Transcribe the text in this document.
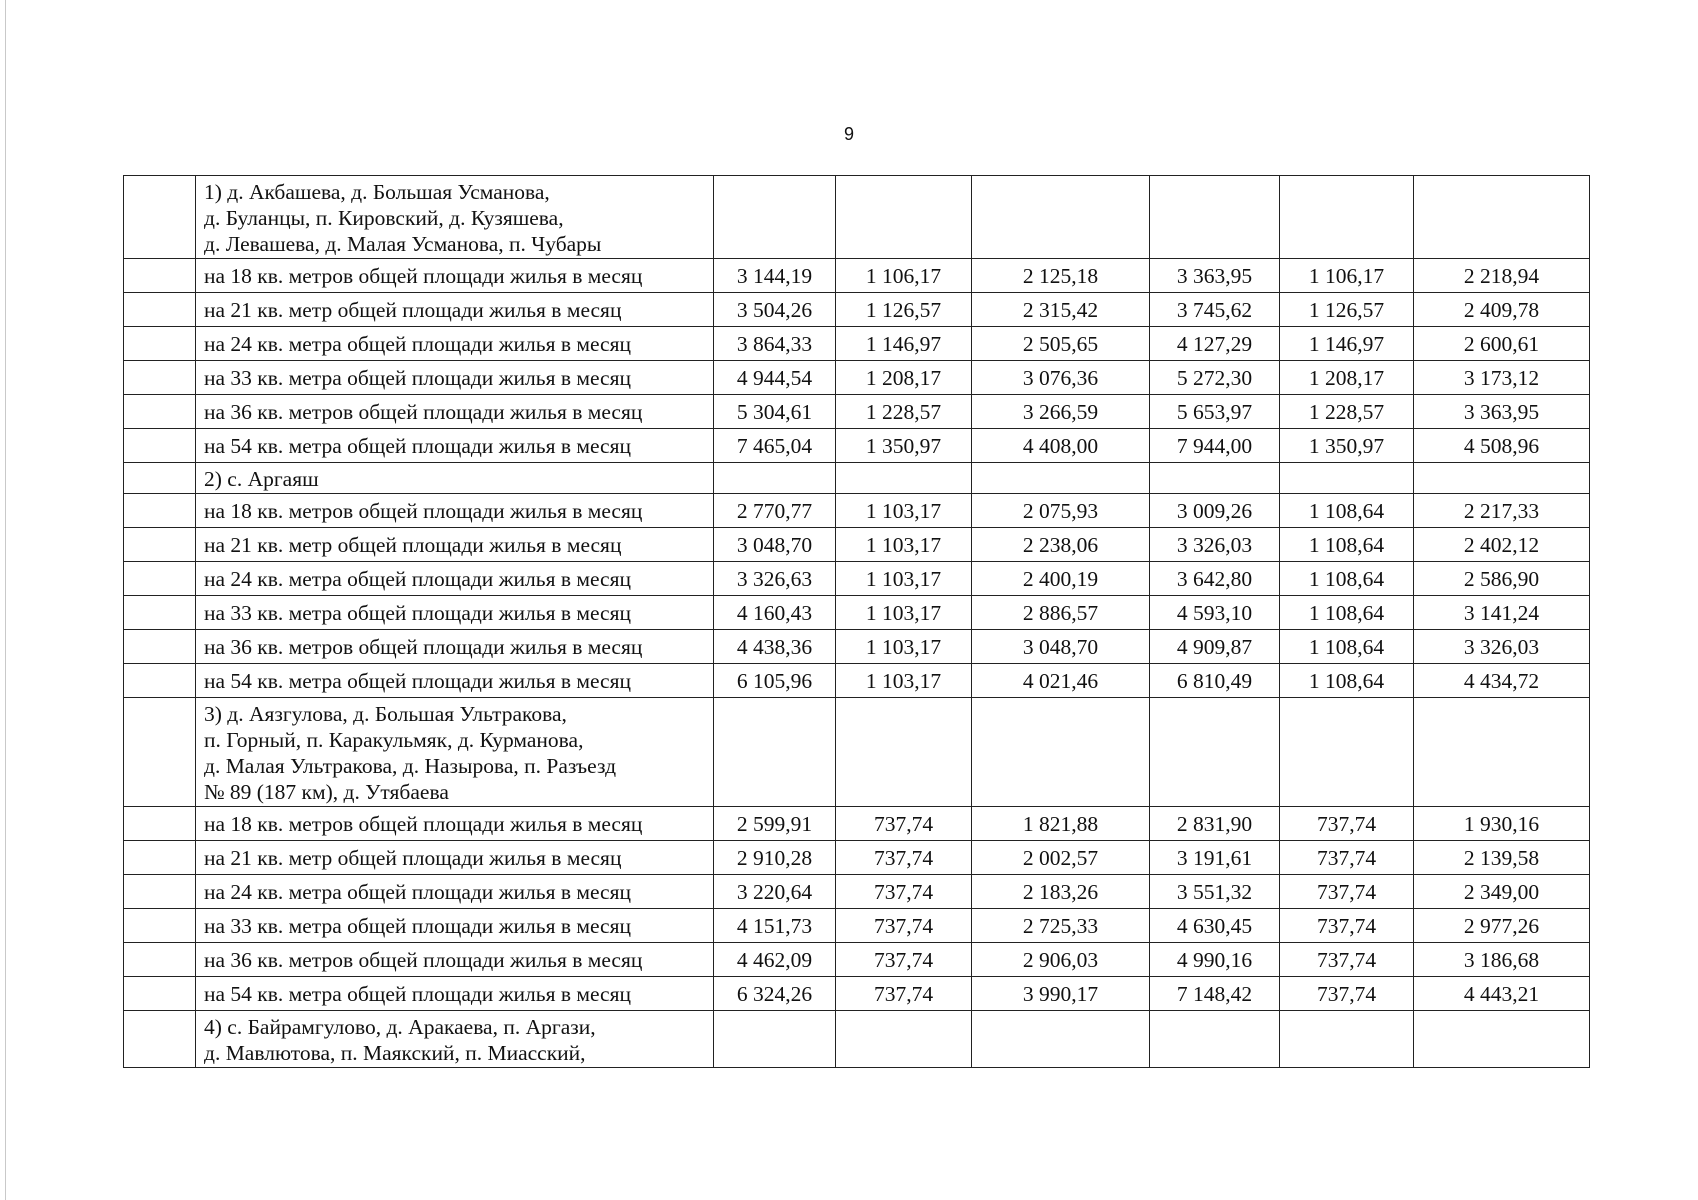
9

	1) д. Акбашева, д. Большая Усманова,
д. Буланцы, п. Кировский, д. Кузяшева,
д. Левашева, д. Малая Усманова, п. Чубары						

	на 18 кв. метров общей площади жилья в месяц	3 144,19	1 106,17	2 125,18	3 363,95	1 106,17	2 218,94
	на 21 кв. метр общей площади жилья в месяц	3 504,26	1 126,57	2 315,42	3 745,62	1 126,57	2 409,78
	на 24 кв. метра общей площади жилья в месяц	3 864,33	1 146,97	2 505,65	4 127,29	1 146,97	2 600,61
	на 33 кв. метра общей площади жилья в месяц	4 944,54	1 208,17	3 076,36	5 272,30	1 208,17	3 173,12
	на 36 кв. метров общей площади жилья в месяц	5 304,61	1 228,57	3 266,59	5 653,97	1 228,57	3 363,95
	на 54 кв. метра общей площади жилья в месяц	7 465,04	1 350,97	4 408,00	7 944,00	1 350,97	4 508,96

	2) с. Аргаяш						

	на 18 кв. метров общей площади жилья в месяц	2 770,77	1 103,17	2 075,93	3 009,26	1 108,64	2 217,33
	на 21 кв. метр общей площади жилья в месяц	3 048,70	1 103,17	2 238,06	3 326,03	1 108,64	2 402,12
	на 24 кв. метра общей площади жилья в месяц	3 326,63	1 103,17	2 400,19	3 642,80	1 108,64	2 586,90
	на 33 кв. метра общей площади жилья в месяц	4 160,43	1 103,17	2 886,57	4 593,10	1 108,64	3 141,24
	на 36 кв. метров общей площади жилья в месяц	4 438,36	1 103,17	3 048,70	4 909,87	1 108,64	3 326,03
	на 54 кв. метра общей площади жилья в месяц	6 105,96	1 103,17	4 021,46	6 810,49	1 108,64	4 434,72

	3) д. Аязгулова, д. Большая Ультракова,
п. Горный, п. Каракульмяк, д. Курманова,
д. Малая Ультракова, д. Назырова, п. Разъезд
№ 89 (187 км), д. Утябаева						

	на 18 кв. метров общей площади жилья в месяц	2 599,91	737,74	1 821,88	2 831,90	737,74	1 930,16
	на 21 кв. метр общей площади жилья в месяц	2 910,28	737,74	2 002,57	3 191,61	737,74	2 139,58
	на 24 кв. метра общей площади жилья в месяц	3 220,64	737,74	2 183,26	3 551,32	737,74	2 349,00
	на 33 кв. метра общей площади жилья в месяц	4 151,73	737,74	2 725,33	4 630,45	737,74	2 977,26
	на 36 кв. метров общей площади жилья в месяц	4 462,09	737,74	2 906,03	4 990,16	737,74	3 186,68
	на 54 кв. метра общей площади жилья в месяц	6 324,26	737,74	3 990,17	7 148,42	737,74	4 443,21

	4) с. Байрамгулово, д. Аракаева, п. Аргази,
д. Мавлютова, п. Маякский, п. Миасский,						
